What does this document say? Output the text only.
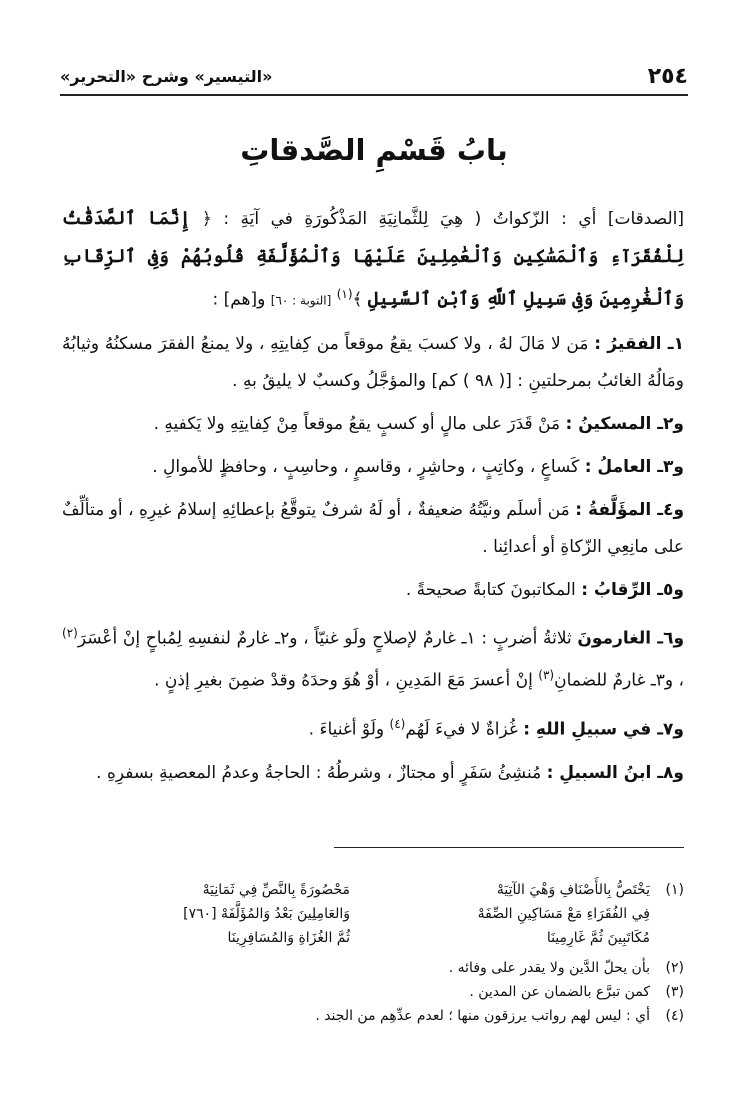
٢٥٤
«التيسير» وشرح «التحرير»
بابُ قَسْمِ الصَّدقاتِ

[الصدقات] أي : الزّكواتُ ( هِيَ لِلثَّمانِيَةِ المَذْكُورَةِ في آيَةِ : ﴿ إِنَّمَا ٱلصَّدَقَٰتُ لِلْفُقَرَآءِ وَٱلْمَسَٰكِينِ وَٱلْعَٰمِلِينَ عَلَيْهَا وَٱلْمُؤَلَّفَةِ قُلُوبُهُمْ وَفِى ٱلرِّقَابِ وَٱلْغَٰرِمِينَ وَفِى سَبِيلِ ٱللَّهِ وَٱبْنِ ٱلسَّبِيلِ ﴾$^{(١)}$ [التوبة : ٦٠] و[هم] :

١ـ الفقيرُ : مَن لا مَالَ لهُ ، ولا كسبَ يقعُ موقعاً من كِفايتِهِ ، ولا يمنعُ الفقرَ مسكنُهُ وثيابُهُ ومَالُهُ الغائبُ بمرحلتينِ : [( ٩٨ ) كم] والمؤجَّلُ وكسبٌ لا يليقُ بهِ .

و٢ـ المسكينُ : مَنْ قَدَرَ على مالٍ أو كسبٍ يقعُ موقعاً مِنْ كِفايتِهِ ولا يَكفيهِ .

و٣ـ العاملُ : كَساعٍ ، وكاتِبٍ ، وحاشِرٍ ، وقاسمٍ ، وحاسِبٍ ، وحافظٍ للأموالِ .

و٤ـ المؤَلَّفةُ : مَن أسلَم ونيَّتُهُ ضعيفةٌ ، أو لَهُ شرفٌ يتوقَّعُ بإعطائِهِ إسلامُ غيرِهِ ، أو متألِّفٌ على مانِعِي الزّكاةِ أو أعدائِنا .

و٥ـ الرِّقابُ : المكاتبونَ كتابةً صحيحةً .

و٦ـ الغارمونَ ثلاثةُ أضربٍ : ١ـ غارمٌ لإصلاحٍ ولَو غنيّاً ، و٢ـ غارمٌ لنفسِهِ لِمُباحٍ إنْ أعْسَرَ$^{(٢)}$ ، و٣ـ غارمٌ للضمانِ$^{(٣)}$ إنْ أعسرَ مَعَ المَدِينِ ، أوْ هُوَ وحدَهُ وقدْ ضمِنَ بغيرِ إذنٍ .

و٧ـ في سبيلِ اللهِ : غُزاةٌ لا فيءَ لَهُم$^{(٤)}$ ولَوْ أغنياءَ .

و٨ـ ابنُ السبيلِ : مُنشِئُ سَفَرٍ أو مجتازٌ ، وشرطُهُ : الحاجةُ وعدمُ المعصيةِ بسفرِهِ .

(١)
يَخْتَصُّ بِالأَصْنَافِ وَهْيَ الآتِيَهْ
فِي الفُقَرَاءِ مَعْ مَسَاكِينِ الصِّفَهْ
مُكَاتَبِينَ ثُمَّ غَارِمِينَا
مَحْصُورَةً بِالنَّصِّ فِي ثَمَانِيَهْ
وَالعَامِلِينَ بَعْدُ وَالمُؤَلَّفَهْ [٧٦٠]
ثُمَّ الغُزَاةِ وَالمُسَافِرِينَا
(٢)
بأن يحلّ الدَّين ولا يقدر على وفائه .
(٣)
كمن تبرَّع بالضمان عن المدين .
(٤)
أي : ليس لهم رواتب يرزقون منها ؛ لعدم عدِّهِم من الجند .
